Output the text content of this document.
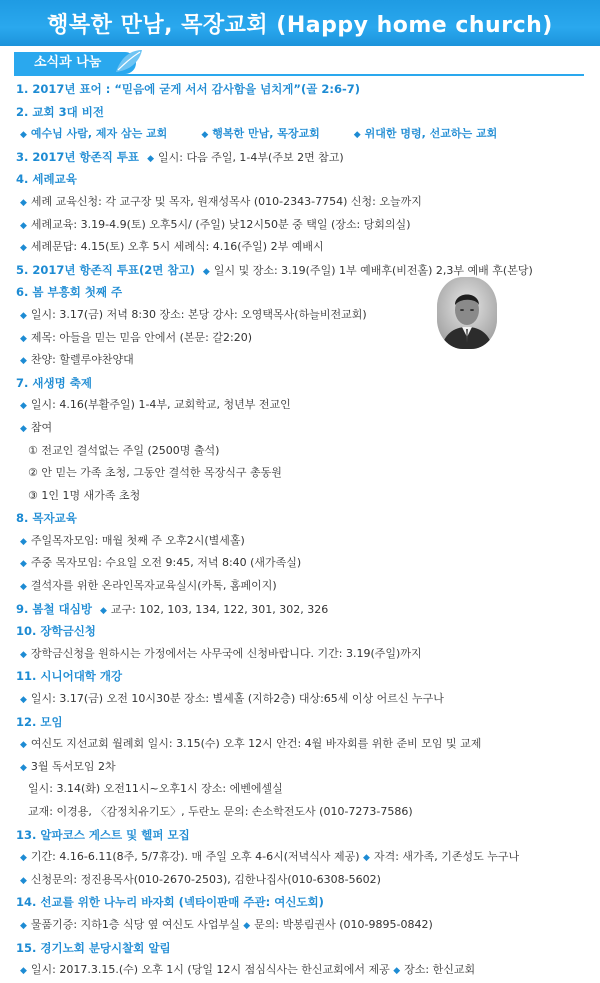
행복한 만남, 목장교회 (Happy home church)
소식과 나눔
1. 2017년 표어 : “믿음에 굳게 서서 감사함을 넘치게”(골 2:6-7)
2. 교회 3대 비전
◆ 예수님 사람, 제자 삼는 교회	◆ 행복한 만남, 목장교회	◆ 위대한 명령, 선교하는 교회
3. 2017년 항존직 투표 ◆ 일시: 다음 주일, 1-4부(주보 2면 참고)
4. 세례교육
◆ 세례 교육신청: 각 교구장 및 목자, 원재성목사 (010-2343-7754) 신청: 오늘까지
◆ 세례교육: 3.19-4.9(토) 오후5시/ (주일) 낮12시50분 중 택일 (장소: 당회의실)
◆ 세례문답: 4.15(토) 오후 5시 세례식: 4.16(주일) 2부 예배시
5. 2017년 항존직 투표(2면 참고) ◆ 일시 및 장소: 3.19(주일) 1부 예배후(비전홀) 2,3부 예배 후(본당)
6. 봄 부흥회 첫째 주
◆ 일시: 3.17(금) 저녁 8:30 장소: 본당 강사: 오영택목사(하늘비전교회)
◆ 제목: 아들을 믿는 믿음 안에서 (본문: 갈2:20)
◆ 찬양: 할렐루야찬양대
7. 새생명 축제
◆ 일시: 4.16(부활주일) 1-4부, 교회학교, 청년부 전교인
◆ 참여
① 전교인 결석없는 주일 (2500명 출석)
② 안 믿는 가족 초청, 그동안 결석한 목장식구 총동원
③ 1인 1명 새가족 초청
8. 목자교육
◆ 주일목자모임: 매월 첫째 주 오후2시(별세홀)
◆ 주중 목자모임: 수요일 오전 9:45, 저녁 8:40 (새가족실)
◆ 결석자를 위한 온라인목자교육실시(카톡, 홈페이지)
9. 봄철 대심방 ◆ 교구: 102, 103, 134, 122, 301, 302, 326
10. 장학금신청
◆ 장학금신청을 원하시는 가정에서는 사무국에 신청바랍니다. 기간: 3.19(주일)까지
11. 시니어대학 개강
◆ 일시: 3.17(금) 오전 10시30분 장소: 별세홀 (지하2층) 대상:65세 이상 어르신 누구나
12. 모임
◆ 여신도 지선교회 월례회 일시: 3.15(수) 오후 12시 안건: 4월 바자회를 위한 준비 모임 및 교제
◆ 3월 독서모임 2차
일시: 3.14(화) 오전11시~오후1시 장소: 에벤에셀실
교재: 이경용, 〈감정치유기도〉, 두란노 문의: 손소학전도사 (010-7273-7586)
13. 알파코스 게스트 및 헬퍼 모집
◆ 기간: 4.16-6.11(8주, 5/7휴강). 매 주일 오후 4-6시(저녁식사 제공) ◆ 자격: 새가족, 기존성도 누구나
◆ 신청문의: 정진용목사(010-2670-2503), 김한나집사(010-6308-5602)
14. 선교를 위한 나누리 바자회 (넥타이판매 주관: 여신도회)
◆ 물품기증: 지하1층 식당 옆 여신도 사업부실 ◆ 문의: 박봉림권사 (010-9895-0842)
15. 경기노회 분당시찰회 알림
◆ 일시: 2017.3.15.(수) 오후 1시 (당일 12시 점심식사는 한신교회에서 제공 ◆ 장소: 한신교회
